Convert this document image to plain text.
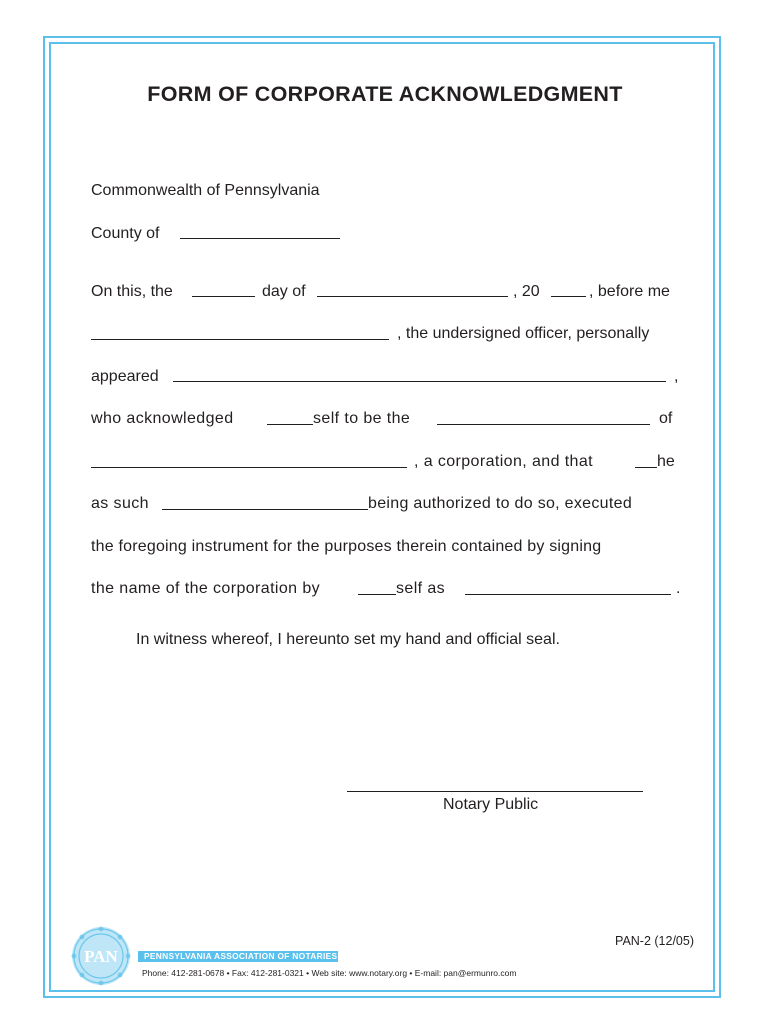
FORM OF CORPORATE ACKNOWLEDGMENT
Commonwealth of Pennsylvania
County of
On this, the	day of	, 20	, before me
, the undersigned officer, personally
appeared	,
who acknowledged	self to be the	of
, a corporation, and that	he
as such	being authorized to do so, executed
the foregoing instrument for the purposes therein contained by signing
the name of the corporation by	self as	.
In witness whereof, I hereunto set my hand and official seal.
Notary Public
PAN-2 (12/05)
PAN	PENNSYLVANIA ASSOCIATION OF NOTARIES
Phone: 412-281-0678 • Fax: 412-281-0321 • Web site: www.notary.org • E-mail: pan@ermunro.com
